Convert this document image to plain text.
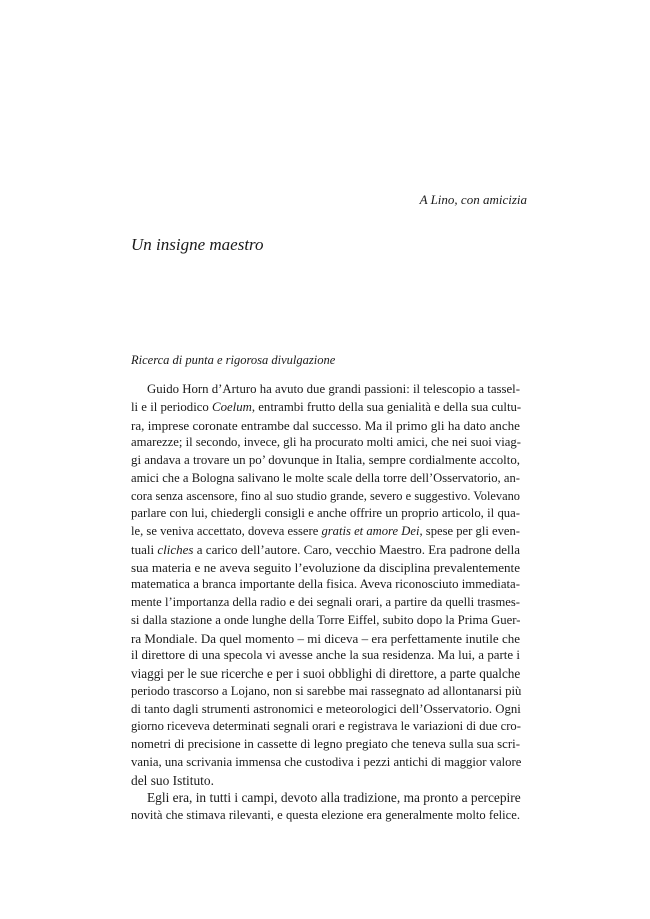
A Lino, con amicizia
Un insigne maestro
Ricerca di punta e rigorosa divulgazione
Guido Horn d’Arturo ha avuto due grandi passioni: il telescopio a tassel-
li e il periodico Coelum, entrambi frutto della sua genialità e della sua cultu-
ra, imprese coronate entrambe dal successo. Ma il primo gli ha dato anche
amarezze; il secondo, invece, gli ha procurato molti amici, che nei suoi viag-
gi andava a trovare un po’ dovunque in Italia, sempre cordialmente accolto,
amici che a Bologna salivano le molte scale della torre dell’Osservatorio, an-
cora senza ascensore, fino al suo studio grande, severo e suggestivo. Volevano
parlare con lui, chiedergli consigli e anche offrire un proprio articolo, il qua-
le, se veniva accettato, doveva essere gratis et amore Dei, spese per gli even-
tuali cliches a carico dell’autore. Caro, vecchio Maestro. Era padrone della
sua materia e ne aveva seguito l’evoluzione da disciplina prevalentemente
matematica a branca importante della fisica. Aveva riconosciuto immediata-
mente l’importanza della radio e dei segnali orari, a partire da quelli trasmes-
si dalla stazione a onde lunghe della Torre Eiffel, subito dopo la Prima Guer-
ra Mondiale. Da quel momento – mi diceva – era perfettamente inutile che
il direttore di una specola vi avesse anche la sua residenza. Ma lui, a parte i
viaggi per le sue ricerche e per i suoi obblighi di direttore, a parte qualche
periodo trascorso a Lojano, non si sarebbe mai rassegnato ad allontanarsi più
di tanto dagli strumenti astronomici e meteorologici dell’Osservatorio. Ogni
giorno riceveva determinati segnali orari e registrava le variazioni di due cro-
nometri di precisione in cassette di legno pregiato che teneva sulla sua scri-
vania, una scrivania immensa che custodiva i pezzi antichi di maggior valore
del suo Istituto.
Egli era, in tutti i campi, devoto alla tradizione, ma pronto a percepire
novità che stimava rilevanti, e questa elezione era generalmente molto felice.
